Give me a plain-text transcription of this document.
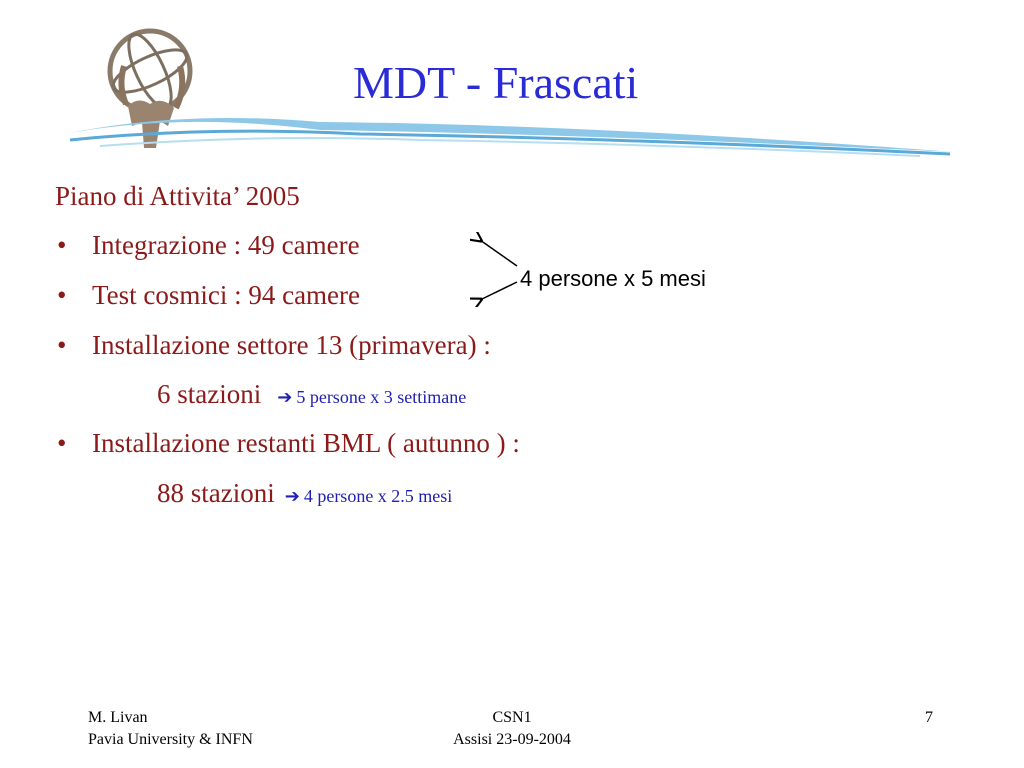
MDT - Frascati
Piano di Attivita’ 2005
• Integrazione : 49 camere
• Test cosmici : 94 camere
• Installazione settore 13 (primavera) :
6 stazioni ➔ 5 persone x 3 settimane
• Installazione restanti BML ( autunno ) :
88 stazioni ➔ 4 persone x 2.5 mesi
4 persone x 5 mesi
M. Livan
Pavia University & INFN
CSN1
Assisi 23-09-2004
7
